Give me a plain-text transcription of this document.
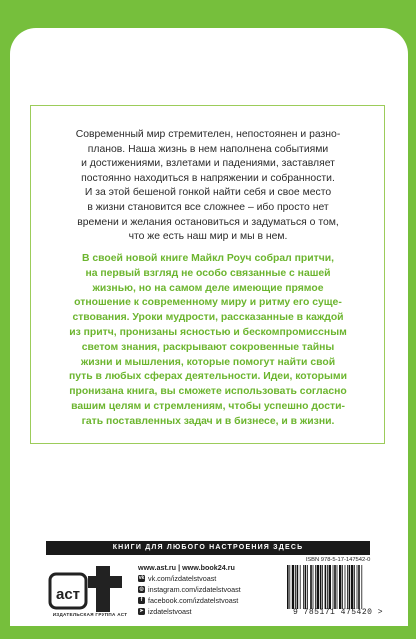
Современный мир стремителен, непостоянен и разно-
планов. Наша жизнь в нем наполнена событиями
и достижениями, взлетами и падениями, заставляет
постоянно находиться в напряжении и собранности.
И за этой бешеной гонкой найти себя и свое место
в жизни становится все сложнее – ибо просто нет
времени и желания остановиться и задуматься о том,
что же есть наш мир и мы в нем.

В своей новой книге Майкл Роуч собрал притчи,
на первый взгляд не особо связанные с нашей
жизнью, но на самом деле имеющие прямое
отношение к современному миру и ритму его суще-
ствования. Уроки мудрости, рассказанные в каждой
из притч, пронизаны ясностью и бескомпромиссным
светом знания, раскрывают сокровенные тайны
жизни и мышления, которые помогут найти свой
путь в любых сферах деятельности. Идеи, которыми
пронизана книга, вы сможете использовать согласно
вашим целям и стремлениям, чтобы успешно дости-
гать поставленных задач и в бизнесе, и в жизни.

КНИГИ ДЛЯ ЛЮБОГО НАСТРОЕНИЯ ЗДЕСЬ
аст
ИЗДАТЕЛЬСКАЯ ГРУППА АСТ
www.ast.ru | www.book24.ru
vk vk.com/izdatelstvoast
◎ instagram.com/izdatelstvoast
f facebook.com/izdatelstvoast
➤ izdatelstvoast
ISBN 978-5-17-147542-0
9 785171 475420 >
